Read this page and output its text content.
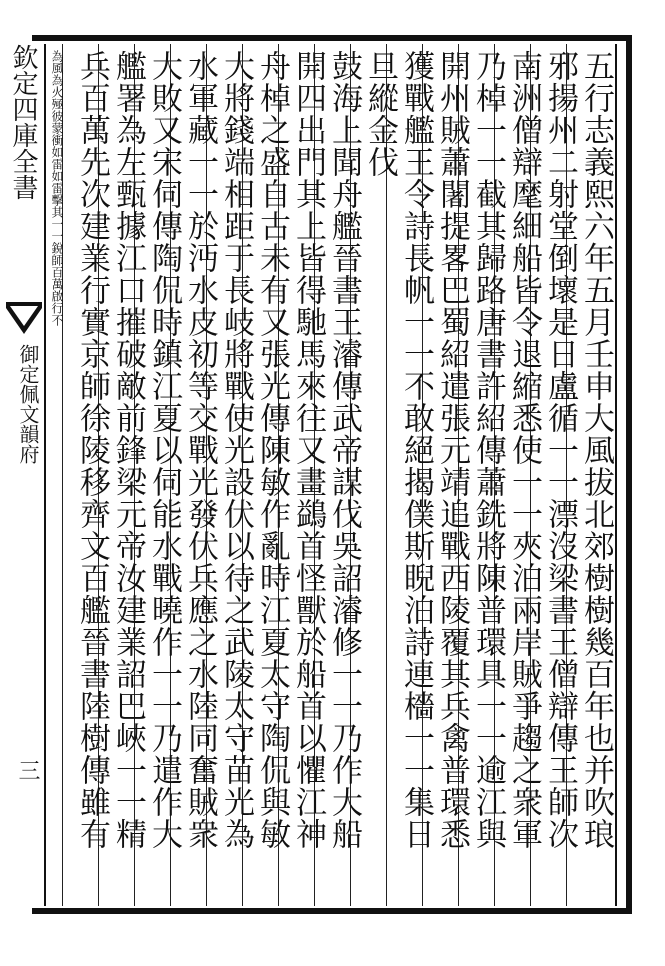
欽定四庫全書
御定佩文韻府
三	五行志義熙六年五月壬申大風拔北郊樹樹幾百年也并吹琅
邪揚州二射堂倒壞是日盧循一一漂沒梁書王僧辯傳王師次
南洲僧辯麾細船皆令退縮悉使一一夾泊兩岸賊爭趨之衆軍
乃棹一一截其歸路唐書許紹傳蕭銑將陳普環具一一逾江與
開州賊蕭闍提畧巴蜀紹遣張元靖追戰西陵覆其兵禽普環悉
獲戰艦王令詩長帆一一不敢絕揭僕斯睨泊詩連檣一一集日
旦縱金伐
鼓海上聞舟艦晉書王濬傳武帝謀伐吳詔濬修一一乃作大船
開四出門其上皆得馳馬來往又畫鷁首怪獸於船首以懼江神
舟棹之盛自古未有又張光傳陳敏作亂時江夏太守陶侃與敏
大將錢端相距于長岐將戰使光設伏以待之武陵太守苗光為
水軍藏一一於沔水皮初等交戰光發伏兵應之水陸同奮賊衆
大敗又宋伺傳陶侃時鎮江夏以伺能水戰曉作一一乃遣作大
艦署為左甄據江口摧破敵前鋒梁元帝汝建業詔巴峽一一精
兵百萬先次建業行實京師徐陵移齊文百艦晉書陸樹傳雖有
為風為火殛彼蒙衝如雷如雷擊其一一銳師百萬啟行不
